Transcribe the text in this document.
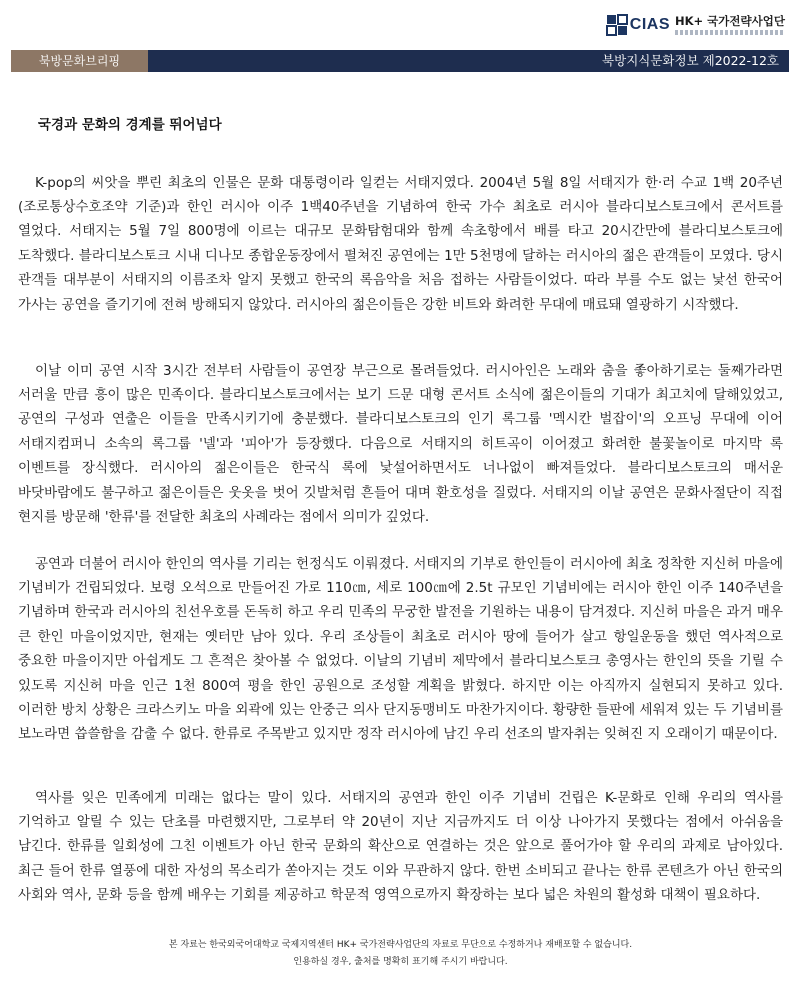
CIAS HK+ 국가전략사업단
북방문화브리핑	북방지식문화정보 제2022-12호
국경과 문화의 경계를 뛰어넘다

K-pop의 씨앗을 뿌린 최초의 인물은 문화 대통령이라 일컫는 서태지였다. 2004년 5월 8일 서태지가 한·러 수교 1백 20주년(조로통상수호조약 기준)과 한인 러시아 이주 1백40주년을 기념하여 한국 가수 최초로 러시아 블라디보스토크에서 콘서트를 열었다. 서태지는 5월 7일 800명에 이르는 대규모 문화탐험대와 함께 속초항에서 배를 타고 20시간만에 블라디보스토크에 도착했다. 블라디보스토크 시내 디나모 종합운동장에서 펼쳐진 공연에는 1만 5천명에 달하는 러시아의 젊은 관객들이 모였다. 당시 관객들 대부분이 서태지의 이름조차 알지 못했고 한국의 록음악을 처음 접하는 사람들이었다. 따라 부를 수도 없는 낯선 한국어 가사는 공연을 즐기기에 전혀 방해되지 않았다. 러시아의 젊은이들은 강한 비트와 화려한 무대에 매료돼 열광하기 시작했다.

이날 이미 공연 시작 3시간 전부터 사람들이 공연장 부근으로 몰려들었다. 러시아인은 노래와 춤을 좋아하기로는 둘째가라면 서러울 만큼 흥이 많은 민족이다. 블라디보스토크에서는 보기 드문 대형 콘서트 소식에 젊은이들의 기대가 최고치에 달해있었고, 공연의 구성과 연출은 이들을 만족시키기에 충분했다. 블라디보스토크의 인기 록그룹 '멕시칸 벌잡이'의 오프닝 무대에 이어 서태지컴퍼니 소속의 록그룹 '넬'과 '피아'가 등장했다. 다음으로 서태지의 히트곡이 이어졌고 화려한 불꽃놀이로 마지막 록 이벤트를 장식했다. 러시아의 젊은이들은 한국식 록에 낯설어하면서도 너나없이 빠져들었다. 블라디보스토크의 매서운 바닷바람에도 불구하고 젊은이들은 웃옷을 벗어 깃발처럼 흔들어 대며 환호성을 질렀다. 서태지의 이날 공연은 문화사절단이 직접 현지를 방문해 '한류'를 전달한 최초의 사례라는 점에서 의미가 깊었다.

공연과 더불어 러시아 한인의 역사를 기리는 헌정식도 이뤄졌다. 서태지의 기부로 한인들이 러시아에 최초 정착한 지신허 마을에 기념비가 건립되었다. 보령 오석으로 만들어진 가로 110㎝, 세로 100㎝에 2.5t 규모인 기념비에는 러시아 한인 이주 140주년을 기념하며 한국과 러시아의 친선우호를 돈독히 하고 우리 민족의 무궁한 발전을 기원하는 내용이 담겨졌다. 지신허 마을은 과거 매우 큰 한인 마을이었지만, 현재는 옛터만 남아 있다. 우리 조상들이 최초로 러시아 땅에 들어가 살고 항일운동을 했던 역사적으로 중요한 마을이지만 아쉽게도 그 흔적은 찾아볼 수 없었다. 이날의 기념비 제막에서 블라디보스토크 총영사는 한인의 뜻을 기릴 수 있도록 지신허 마을 인근 1천 800여 평을 한인 공원으로 조성할 계획을 밝혔다. 하지만 이는 아직까지 실현되지 못하고 있다. 이러한 방치 상황은 크라스키노 마을 외곽에 있는 안중근 의사 단지동맹비도 마찬가지이다. 황량한 들판에 세워져 있는 두 기념비를 보노라면 씁쓸함을 감출 수 없다. 한류로 주목받고 있지만 정작 러시아에 남긴 우리 선조의 발자취는 잊혀진 지 오래이기 때문이다.

역사를 잊은 민족에게 미래는 없다는 말이 있다. 서태지의 공연과 한인 이주 기념비 건립은 K-문화로 인해 우리의 역사를 기억하고 알릴 수 있는 단초를 마련했지만, 그로부터 약 20년이 지난 지금까지도 더 이상 나아가지 못했다는 점에서 아쉬움을 남긴다. 한류를 일회성에 그친 이벤트가 아닌 한국 문화의 확산으로 연결하는 것은 앞으로 풀어가야 할 우리의 과제로 남아있다. 최근 들어 한류 열풍에 대한 자성의 목소리가 쏟아지는 것도 이와 무관하지 않다. 한번 소비되고 끝나는 한류 콘텐츠가 아닌 한국의 사회와 역사, 문화 등을 함께 배우는 기회를 제공하고 학문적 영역으로까지 확장하는 보다 넓은 차원의 활성화 대책이 필요하다.

본 자료는 한국외국어대학교 국제지역센터 HK+ 국가전략사업단의 자료로 무단으로 수정하거나 재배포할 수 없습니다.
인용하실 경우, 출처를 명확히 표기해 주시기 바랍니다.
